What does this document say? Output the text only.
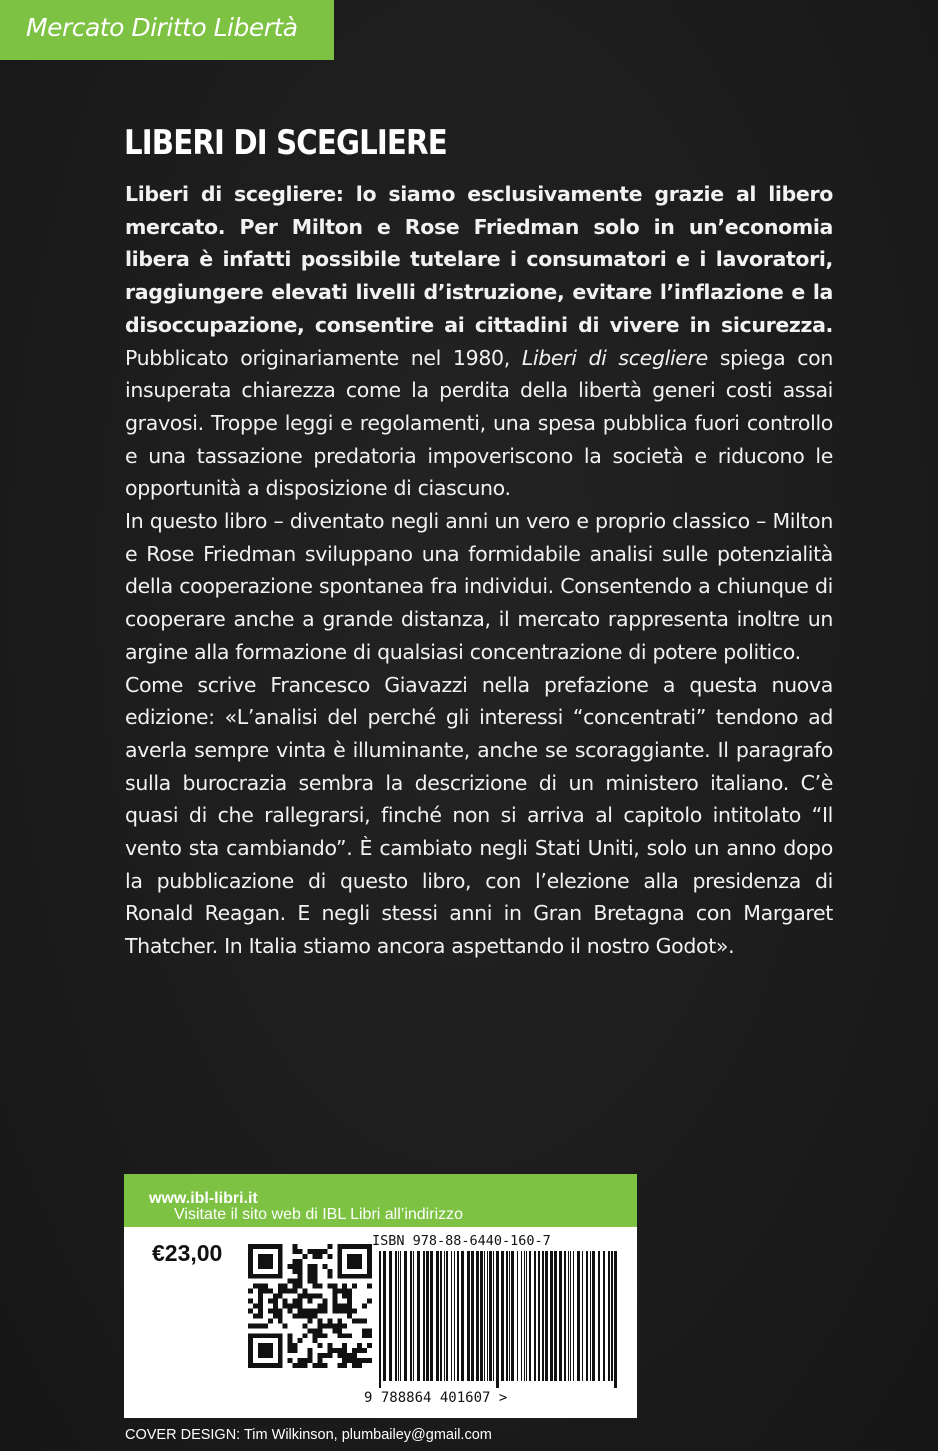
Mercato Diritto Libertà
LIBERI DI SCEGLIERE

Liberi di scegliere: lo siamo esclusivamente grazie al libero mercato. Per Milton e Rose Friedman solo in un’economia libera è infatti possibile tutelare i consumatori e i lavoratori, raggiungere elevati livelli d’istruzione, evitare l’inflazione e la disoccupazione, consentire ai cittadini di vivere in sicurezza. Pubblicato originariamente nel 1980, Liberi di scegliere spiega con insuperata chiarezza come la perdita della libertà generi costi assai gravosi. Troppe leggi e regolamenti, una spesa pubblica fuori controllo e una tassazione predatoria impoveriscono la società e riducono le opportunità a disposizione di ciascuno.

In questo libro – diventato negli anni un vero e proprio classico – Milton e Rose Friedman sviluppano una formidabile analisi sulle potenzialità della cooperazione spontanea fra individui. Consentendo a chiunque di cooperare anche a grande distanza, il mercato rappresenta inoltre un argine alla formazione di qualsiasi concentrazione di potere politico.

Come scrive Francesco Giavazzi nella prefazione a questa nuova edizione: «L’analisi del perché gli interessi “concentrati” tendono ad averla sempre vinta è illuminante, anche se scoraggiante. Il paragrafo sulla burocrazia sembra la descrizione di un ministero italiano. C’è quasi di che rallegrarsi, finché non si arriva al capitolo intitolato “Il vento sta cambiando”. È cambiato negli Stati Uniti, solo un anno dopo la pubblicazione di questo libro, con l’elezione alla presidenza di Ronald Reagan. E negli stessi anni in Gran Bretagna con Margaret Thatcher. In Italia stiamo ancora aspettando il nostro Godot».

Visitate il sito web di IBL Libri all’indirizzo
www.ibl-libri.it
€23,00	ISBN 978-88-6440-160-7
9 788864 401607 >
COVER DESIGN: Tim Wilkinson, plumbailey@gmail.com
